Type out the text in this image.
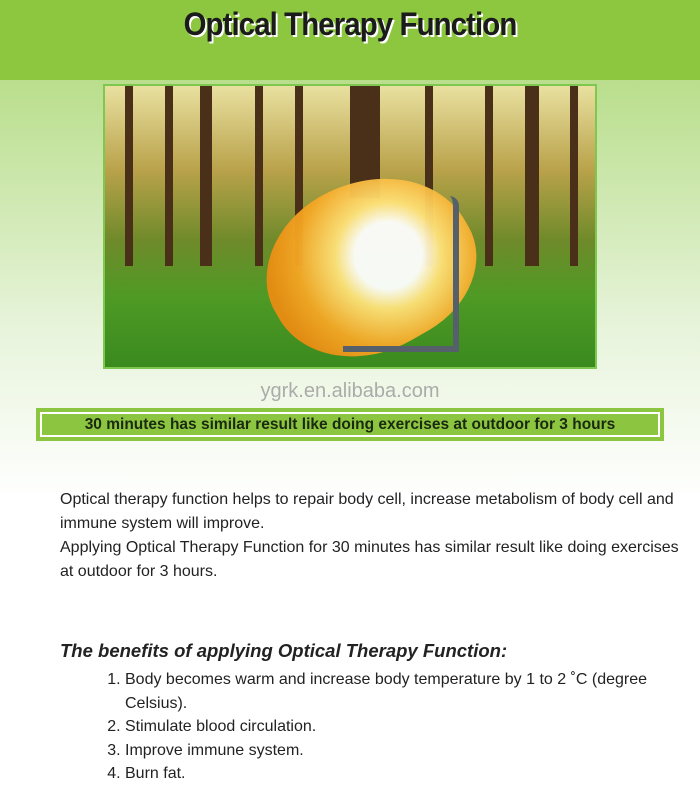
Optical Therapy Function
ygrk.en.alibaba.com
30 minutes has similar result like doing exercises at outdoor for 3 hours

Optical therapy function helps to repair body cell, increase metabolism of body cell and immune system will improve.

Applying Optical Therapy Function for 30 minutes has similar result like doing exercises at outdoor for 3 hours.

The benefits of applying Optical Therapy Function:
1. Body becomes warm and increase body temperature by 1 to 2 ˚C (degree Celsius).
2. Stimulate blood circulation.
3. Improve immune system.
4. Burn fat.
